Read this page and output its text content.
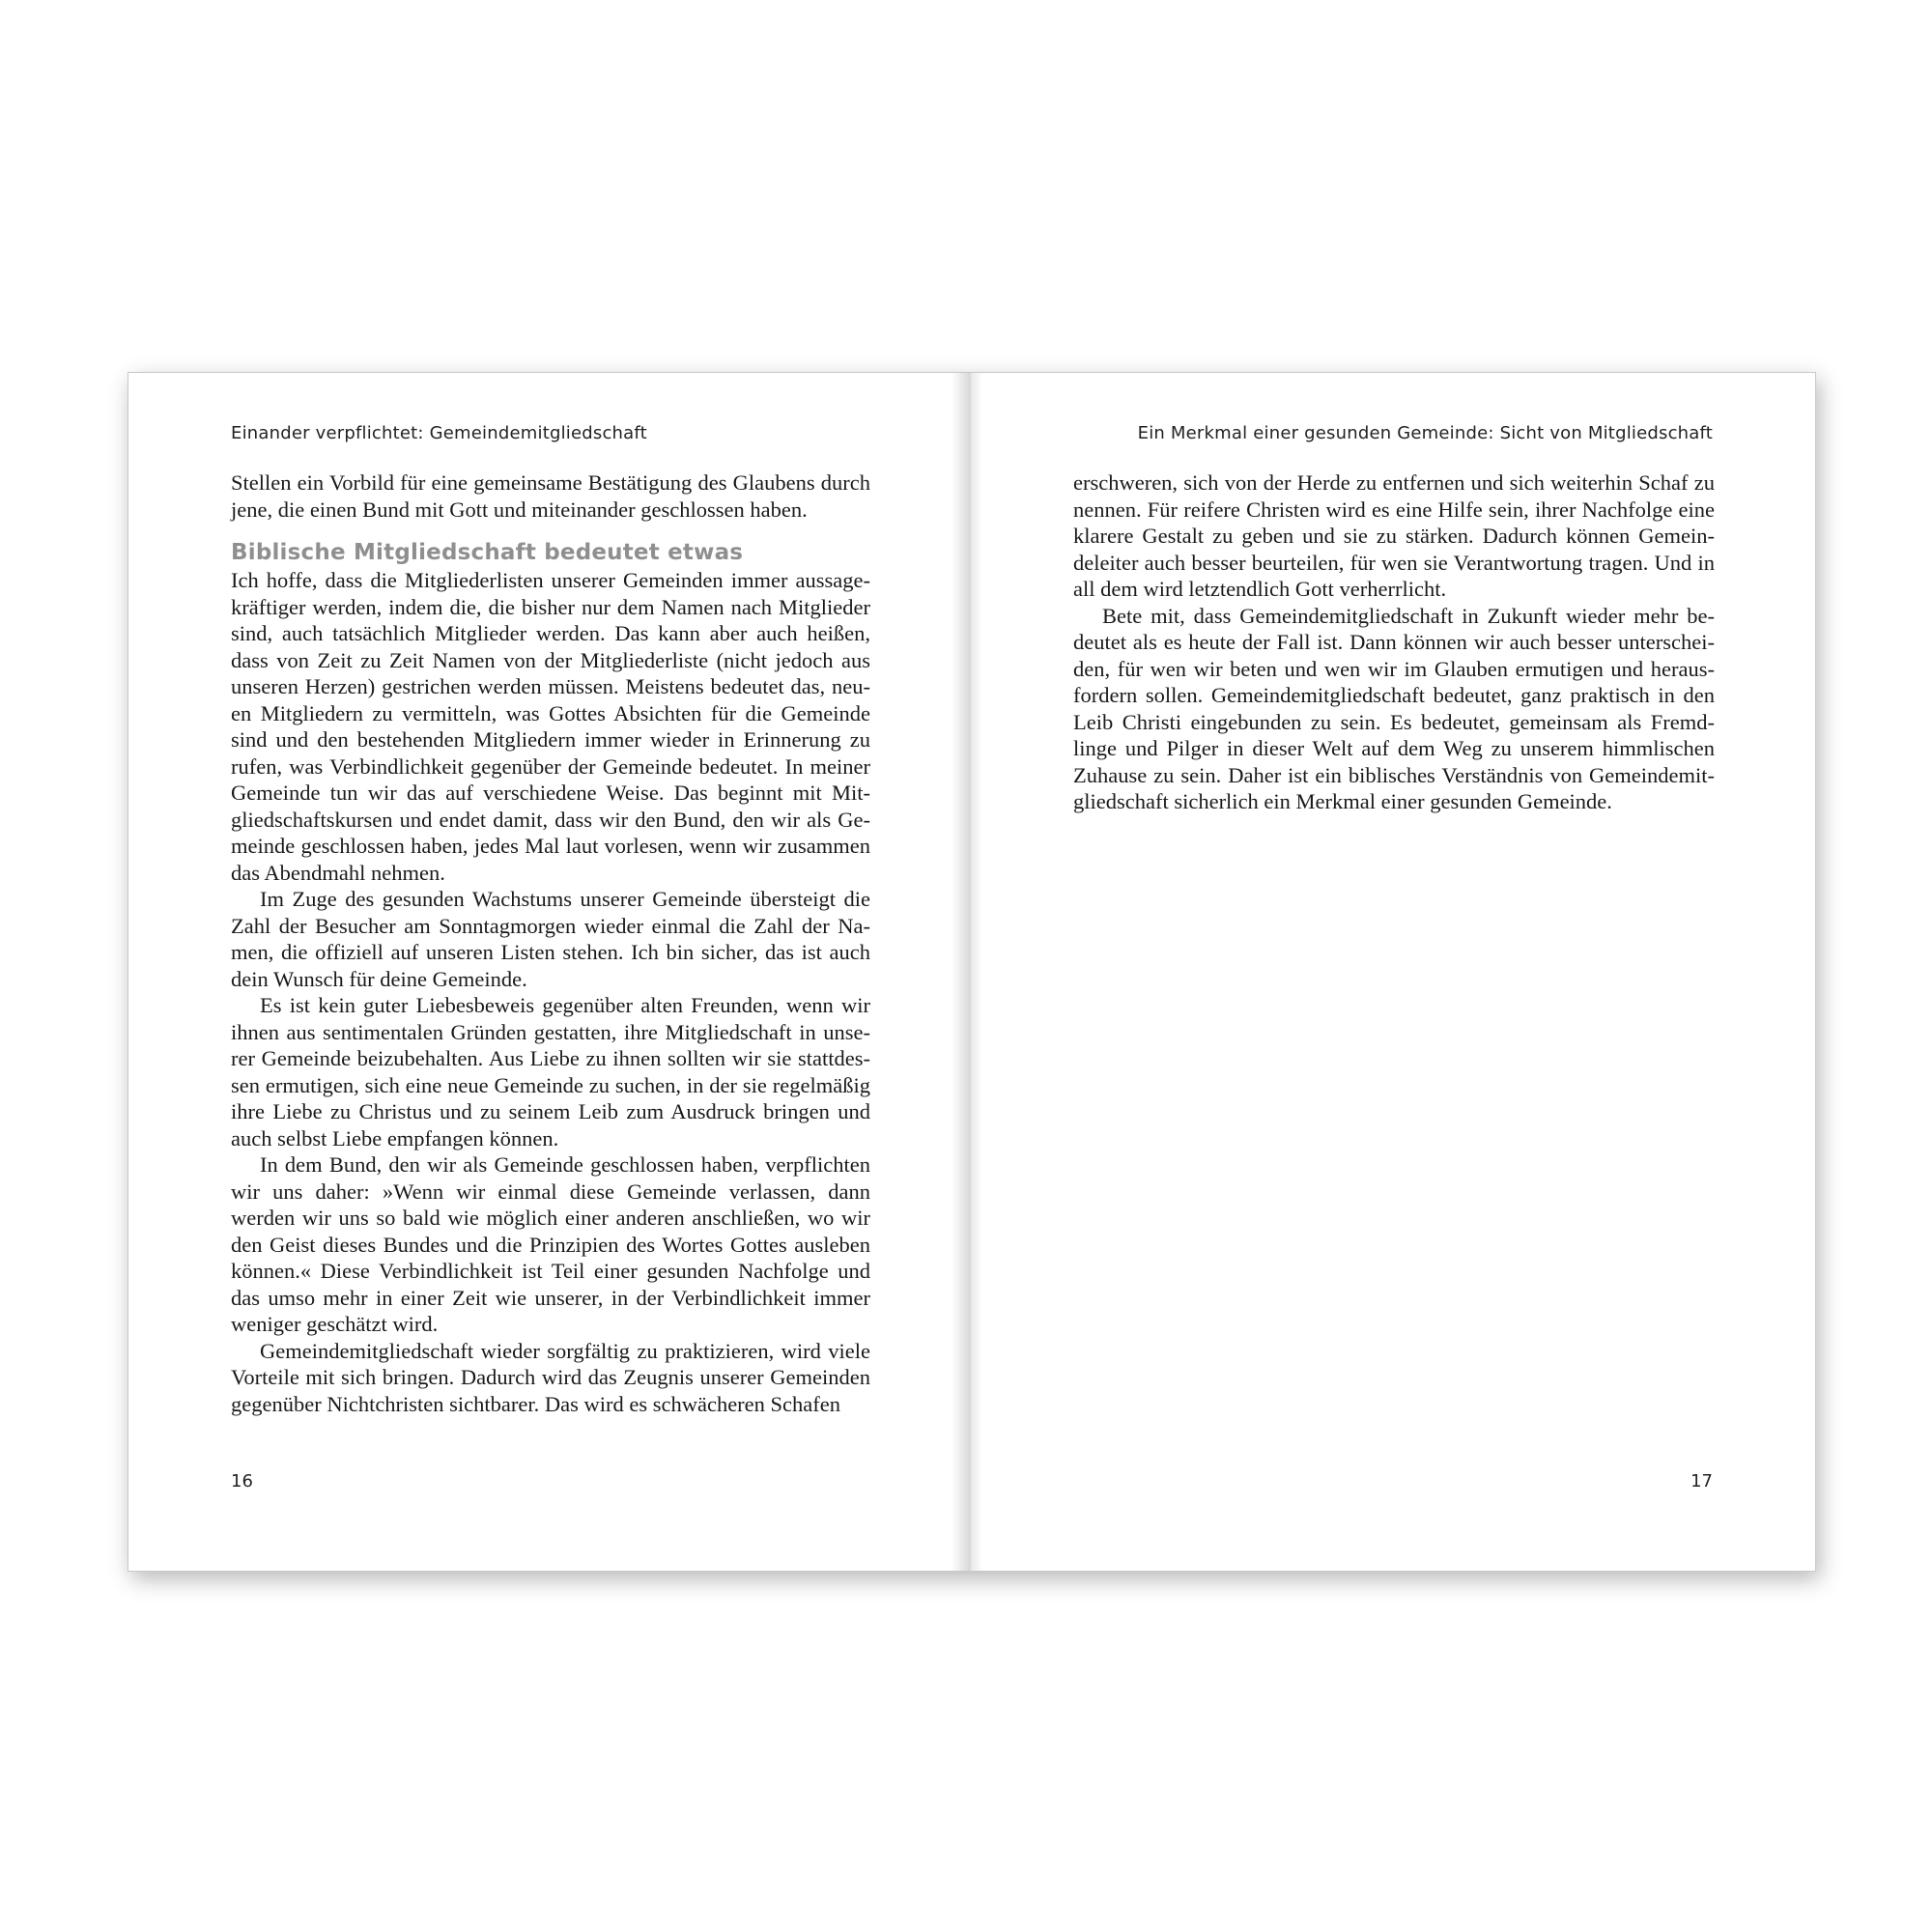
Einander verpflichtet: Gemeindemitgliedschaft

Stellen ein Vorbild für eine gemeinsame Bestätigung des Glaubens durch jene, die einen Bund mit Gott und miteinander geschlossen haben.

Biblische Mitgliedschaft bedeutet etwas

Ich hoffe, dass die Mitgliederlisten unserer Gemeinden immer aussagekräftiger werden, indem die, die bisher nur dem Namen nach Mitglieder sind, auch tatsächlich Mitglieder werden. Das kann aber auch heißen, dass von Zeit zu Zeit Namen von der Mitgliederliste (nicht jedoch aus unseren Herzen) gestrichen werden müssen. Meistens bedeutet das, neuen Mitgliedern zu vermitteln, was Gottes Absichten für die Gemeinde sind und den bestehenden Mitgliedern immer wieder in Erinnerung zu rufen, was Verbindlichkeit gegenüber der Gemeinde bedeutet. In meiner Gemeinde tun wir das auf verschiedene Weise. Das beginnt mit Mitgliedschaftskursen und endet damit, dass wir den Bund, den wir als Gemeinde geschlossen haben, jedes Mal laut vorlesen, wenn wir zusammen das Abendmahl nehmen.

Im Zuge des gesunden Wachstums unserer Gemeinde übersteigt die Zahl der Besucher am Sonntagmorgen wieder einmal die Zahl der Namen, die offiziell auf unseren Listen stehen. Ich bin sicher, das ist auch dein Wunsch für deine Gemeinde.

Es ist kein guter Liebesbeweis gegenüber alten Freunden, wenn wir ihnen aus sentimentalen Gründen gestatten, ihre Mitgliedschaft in unserer Gemeinde beizubehalten. Aus Liebe zu ihnen sollten wir sie stattdessen ermutigen, sich eine neue Gemeinde zu suchen, in der sie regelmäßig ihre Liebe zu Christus und zu seinem Leib zum Ausdruck bringen und auch selbst Liebe empfangen können.

In dem Bund, den wir als Gemeinde geschlossen haben, verpflichten wir uns daher: »Wenn wir einmal diese Gemeinde verlassen, dann werden wir uns so bald wie möglich einer anderen anschließen, wo wir den Geist dieses Bundes und die Prinzipien des Wortes Gottes ausleben können.« Diese Verbindlichkeit ist Teil einer gesunden Nachfolge und das umso mehr in einer Zeit wie unserer, in der Verbindlichkeit immer weniger geschätzt wird.

Gemeindemitgliedschaft wieder sorgfältig zu praktizieren, wird viele Vorteile mit sich bringen. Dadurch wird das Zeugnis unserer Gemeinden gegenüber Nichtchristen sichtbarer. Das wird es schwächeren Schafen

16
Ein Merkmal einer gesunden Gemeinde: Sicht von Mitgliedschaft

erschweren, sich von der Herde zu entfernen und sich weiterhin Schaf zu nennen. Für reifere Christen wird es eine Hilfe sein, ihrer Nachfolge eine klarere Gestalt zu geben und sie zu stärken. Dadurch können Gemeindeleiter auch besser beurteilen, für wen sie Verantwortung tragen. Und in all dem wird letztendlich Gott verherrlicht.

Bete mit, dass Gemeindemitgliedschaft in Zukunft wieder mehr bedeutet als es heute der Fall ist. Dann können wir auch besser unterscheiden, für wen wir beten und wen wir im Glauben ermutigen und herausfordern sollen. Gemeindemitgliedschaft bedeutet, ganz praktisch in den Leib Christi eingebunden zu sein. Es bedeutet, gemeinsam als Fremdlinge und Pilger in dieser Welt auf dem Weg zu unserem himmlischen Zuhause zu sein. Daher ist ein biblisches Verständnis von Gemeindemitgliedschaft sicherlich ein Merkmal einer gesunden Gemeinde.

17
